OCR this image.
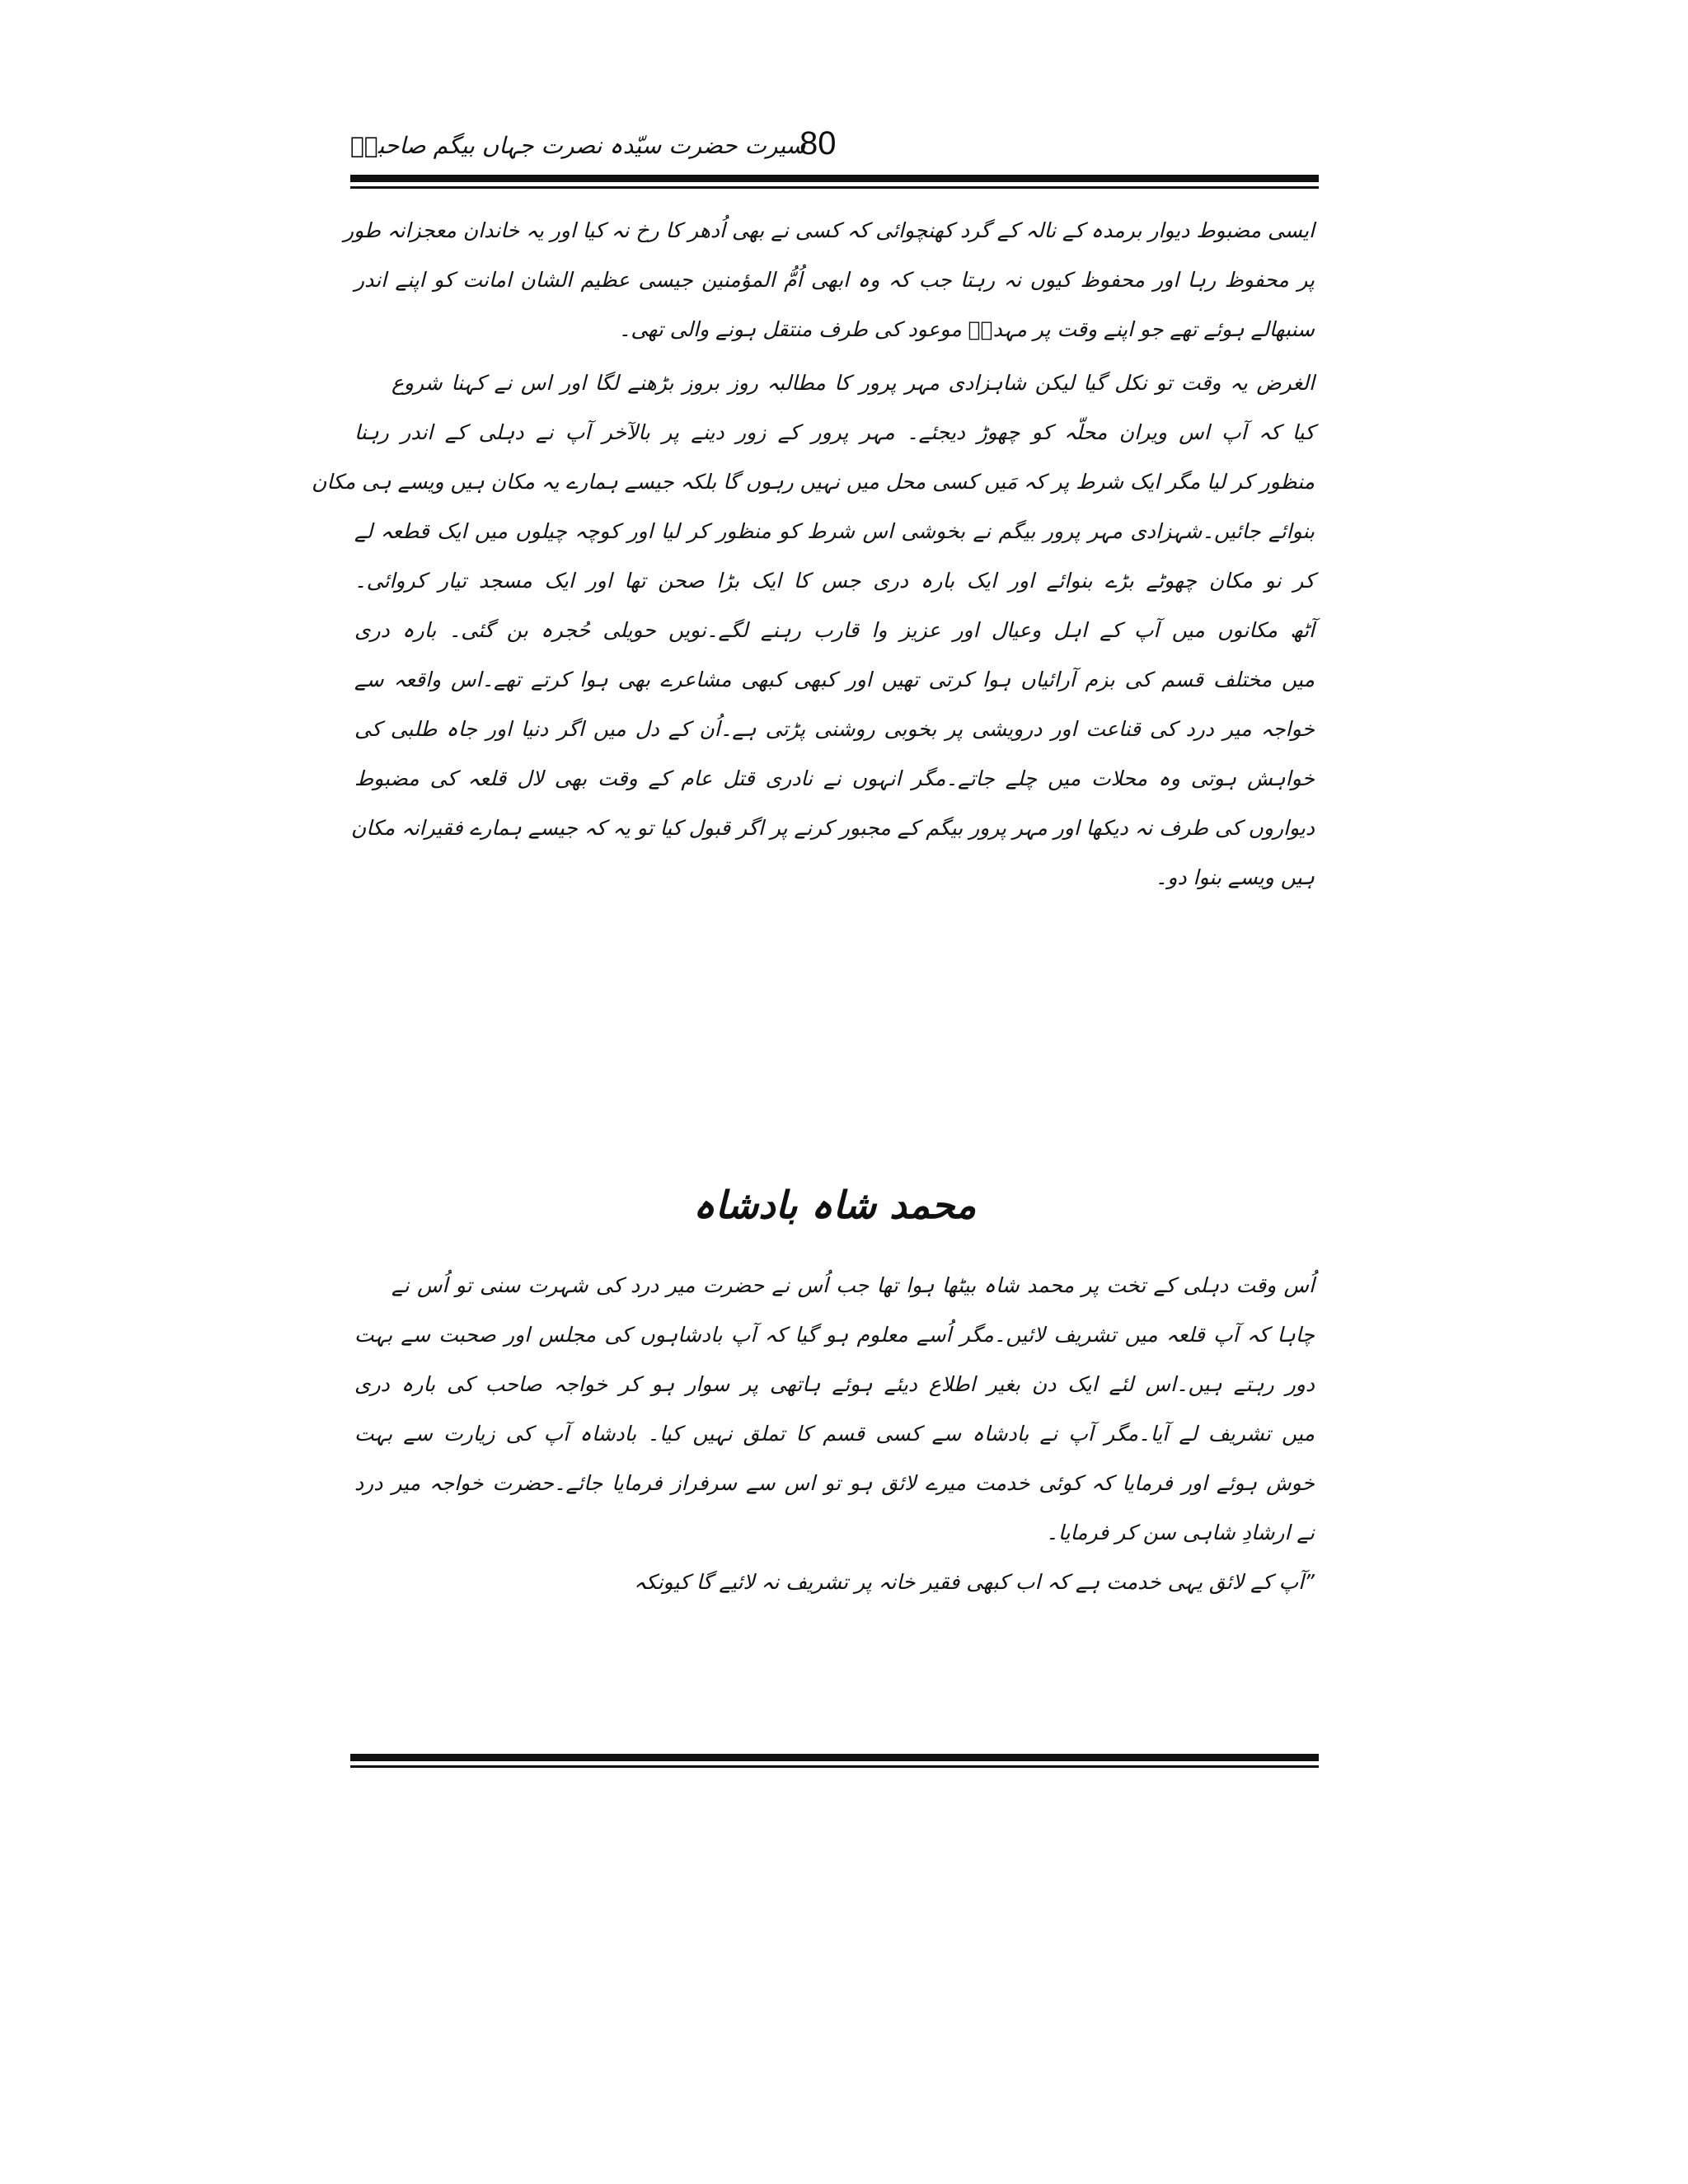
سیرت حضرت سیّدہ نصرت جہاں بیگم صاحبہؓ
80
ایسی مضبوط دیوار برمدہ کے نالہ کے گرد کھنچوائی کہ کسی نے بھی اُدھر کا رخ نہ کیا اور یہ خاندان معجزانہ طور
پر محفوظ رہا اور محفوظ کیوں نہ رہتا جب کہ وہ ابھی اُمُّ المؤمنین جیسی عظیم الشان امانت کو اپنے اندر
سنبھالے ہوئے تھے جو اپنے وقت پر مہدیؑ موعود کی طرف منتقل ہونے والی تھی۔
الغرض یہ وقت تو نکل گیا لیکن شاہزادی مہر پرور کا مطالبہ روز بروز بڑھنے لگا اور اس نے کہنا شروع
کیا کہ آپ اس ویران محلّہ کو چھوڑ دیجئے۔ مہر پرور کے زور دینے پر بالآخر آپ نے دہلی کے اندر رہنا
منظور کر لیا مگر ایک شرط پر کہ مَیں کسی محل میں نہیں رہوں گا بلکہ جیسے ہمارے یہ مکان ہیں ویسے ہی مکان
بنوائے جائیں۔شہزادی مہر پرور بیگم نے بخوشی اس شرط کو منظور کر لیا اور کوچہ چیلوں میں ایک قطعہ لے
کر نو مکان چھوٹے بڑے بنوائے اور ایک بارہ دری جس کا ایک بڑا صحن تھا اور ایک مسجد تیار کروائی۔
آٹھ مکانوں میں آپ کے اہل وعیال اور عزیز وا قارب رہنے لگے۔نویں حویلی حُجرہ بن گئی۔ بارہ دری
میں مختلف قسم کی بزم آرائیاں ہوا کرتی تھیں اور کبھی کبھی مشاعرے بھی ہوا کرتے تھے۔اس واقعہ سے
خواجہ میر درد کی قناعت اور درویشی پر بخوبی روشنی پڑتی ہے۔اُن کے دل میں اگر دنیا اور جاہ طلبی کی
خواہش ہوتی وہ محلات میں چلے جاتے۔مگر انہوں نے نادری قتل عام کے وقت بھی لال قلعہ کی مضبوط
دیواروں کی طرف نہ دیکھا اور مہر پرور بیگم کے مجبور کرنے پر اگر قبول کیا تو یہ کہ جیسے ہمارے فقیرانہ مکان
ہیں ویسے بنوا دو۔
محمد شاہ بادشاہ
اُس وقت دہلی کے تخت پر محمد شاہ بیٹھا ہوا تھا جب اُس نے حضرت میر درد کی شہرت سنی تو اُس نے
چاہا کہ آپ قلعہ میں تشریف لائیں۔مگر اُسے معلوم ہو گیا کہ آپ بادشاہوں کی مجلس اور صحبت سے بہت
دور رہتے ہیں۔اس لئے ایک دن بغیر اطلاع دیئے ہوئے ہاتھی پر سوار ہو کر خواجہ صاحب کی بارہ دری
میں تشریف لے آیا۔مگر آپ نے بادشاہ سے کسی قسم کا تملق نہیں کیا۔ بادشاہ آپ کی زیارت سے بہت
خوش ہوئے اور فرمایا کہ کوئی خدمت میرے لائق ہو تو اس سے سرفراز فرمایا جائے۔حضرت خواجہ میر درد
نے ارشادِ شاہی سن کر فرمایا۔
”آپ کے لائق یہی خدمت ہے کہ اب کبھی فقیر خانہ پر تشریف نہ لائیے گا کیونکہ
